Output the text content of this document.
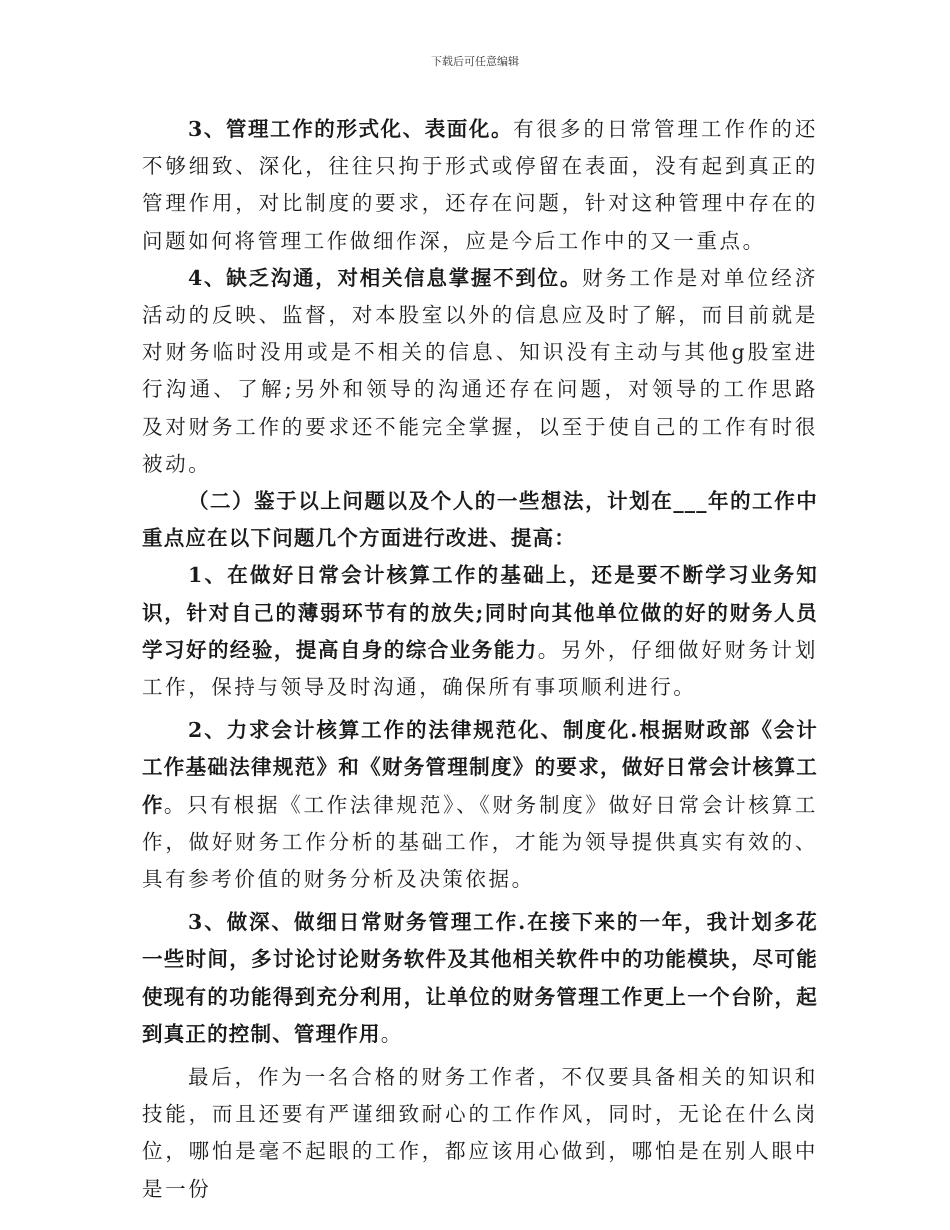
下载后可任意编辑

3、管理工作的形式化、表面化。有很多的日常管理工作作的还不够细致、深化，往往只拘于形式或停留在表面，没有起到真正的管理作用，对比制度的要求，还存在问题，针对这种管理中存在的问题如何将管理工作做细作深，应是今后工作中的又一重点。

4、缺乏沟通，对相关信息掌握不到位。财务工作是对单位经济活动的反映、监督，对本股室以外的信息应及时了解，而目前就是对财务临时没用或是不相关的信息、知识没有主动与其他g股室进行沟通、了解;另外和领导的沟通还存在问题，对领导的工作思路及对财务工作的要求还不能完全掌握，以至于使自己的工作有时很被动。

（二）鉴于以上问题以及个人的一些想法，计划在___年的工作中重点应在以下问题几个方面进行改进、提高：

1、在做好日常会计核算工作的基础上，还是要不断学习业务知识，针对自己的薄弱环节有的放失;同时向其他单位做的好的财务人员学习好的经验，提高自身的综合业务能力。另外，仔细做好财务计划工作，保持与领导及时沟通，确保所有事项顺利进行。

2、力求会计核算工作的法律规范化、制度化.根据财政部《会计工作基础法律规范》和《财务管理制度》的要求，做好日常会计核算工作。只有根据《工作法律规范》、《财务制度》做好日常会计核算工作，做好财务工作分析的基础工作，才能为领导提供真实有效的、具有参考价值的财务分析及决策依据。

3、做深、做细日常财务管理工作.在接下来的一年，我计划多花一些时间，多讨论讨论财务软件及其他相关软件中的功能模块，尽可能使现有的功能得到充分利用，让单位的财务管理工作更上一个台阶，起到真正的控制、管理作用。

最后，作为一名合格的财务工作者，不仅要具备相关的知识和技能，而且还要有严谨细致耐心的工作作风，同时，无论在什么岗位，哪怕是毫不起眼的工作，都应该用心做到，哪怕是在别人眼中是一份
